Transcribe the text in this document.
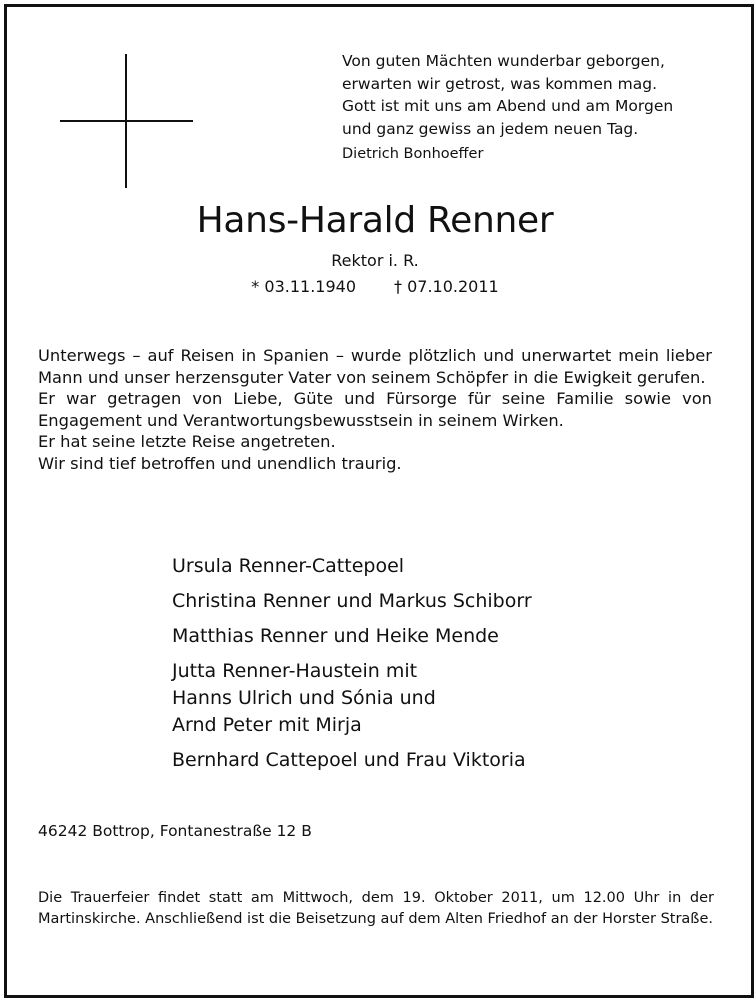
Von guten Mächten wunderbar geborgen,
erwarten wir getrost, was kommen mag.
Gott ist mit uns am Abend und am Morgen
und ganz gewiss an jedem neuen Tag.
Dietrich Bonhoeffer
Hans-Harald Renner
Rektor i. R.
* 03.11.1940 † 07.10.2011
Unterwegs – auf Reisen in Spanien – wurde plötzlich und unerwartet mein lieber Mann und unser herzensguter Vater von seinem Schöpfer in die Ewigkeit gerufen.
Er war getragen von Liebe, Güte und Fürsorge für seine Familie sowie von Engagement und Verantwortungsbewusstsein in seinem Wirken.
Er hat seine letzte Reise angetreten.
Wir sind tief betroffen und unendlich traurig.
Ursula Renner-Cattepoel
Christina Renner und Markus Schiborr
Matthias Renner und Heike Mende
Jutta Renner-Haustein mit
Hanns Ulrich und Sónia und
Arnd Peter mit Mirja
Bernhard Cattepoel und Frau Viktoria
46242 Bottrop, Fontanestraße 12 B
Die Trauerfeier findet statt am Mittwoch, dem 19. Oktober 2011, um 12.00 Uhr in der Martinskirche. Anschließend ist die Beisetzung auf dem Alten Friedhof an der Horster Straße.
